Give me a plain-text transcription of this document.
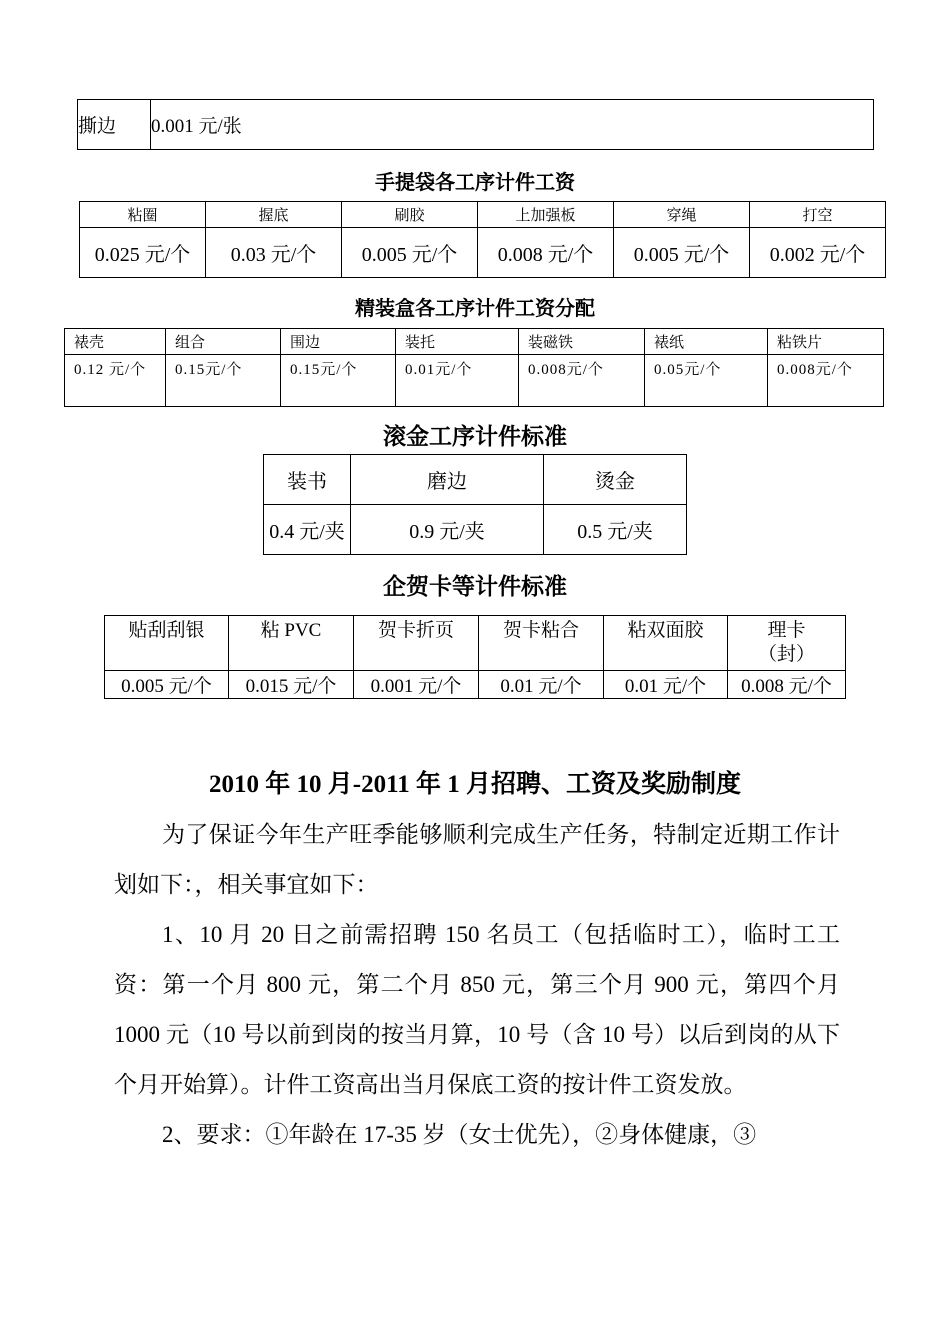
撕边	0.001 元/张
手提袋各工序计件工资
粘圈	握底	刷胶	上加强板	穿绳	打空
0.025 元/个	0.03 元/个	0.005 元/个	0.008 元/个	0.005 元/个	0.002 元/个
精装盒各工序计件工资分配
裱壳	组合	围边	装托	装磁铁	裱纸	粘铁片
0.12 元/个	0.15元/个	0.15元/个	0.01元/个	0.008元/个	0.05元/个	0.008元/个
滚金工序计件标准
装书	磨边	烫金
0.4 元/夹	0.9 元/夹	0.5 元/夹
企贺卡等计件标准
贴刮刮银	粘 PVC	贺卡折页	贺卡粘合	粘双面胶	理卡（封）
0.005 元/个	0.015 元/个	0.001 元/个	0.01 元/个	0.01 元/个	0.008 元/个
2010 年 10 月-2011 年 1 月招聘、工资及奖励制度

为了保证今年生产旺季能够顺利完成生产任务，特制定近期工作计划如下：，相关事宜如下：

1、10 月 20 日之前需招聘 150 名员工（包括临时工），临时工工资：第一个月 800 元，第二个月 850 元，第三个月 900 元，第四个月 1000 元（10 号以前到岗的按当月算，10 号（含 10 号）以后到岗的从下个月开始算）。计件工资高出当月保底工资的按计件工资发放。

2、要求：①年龄在 17-35 岁（女士优先），②身体健康，③
